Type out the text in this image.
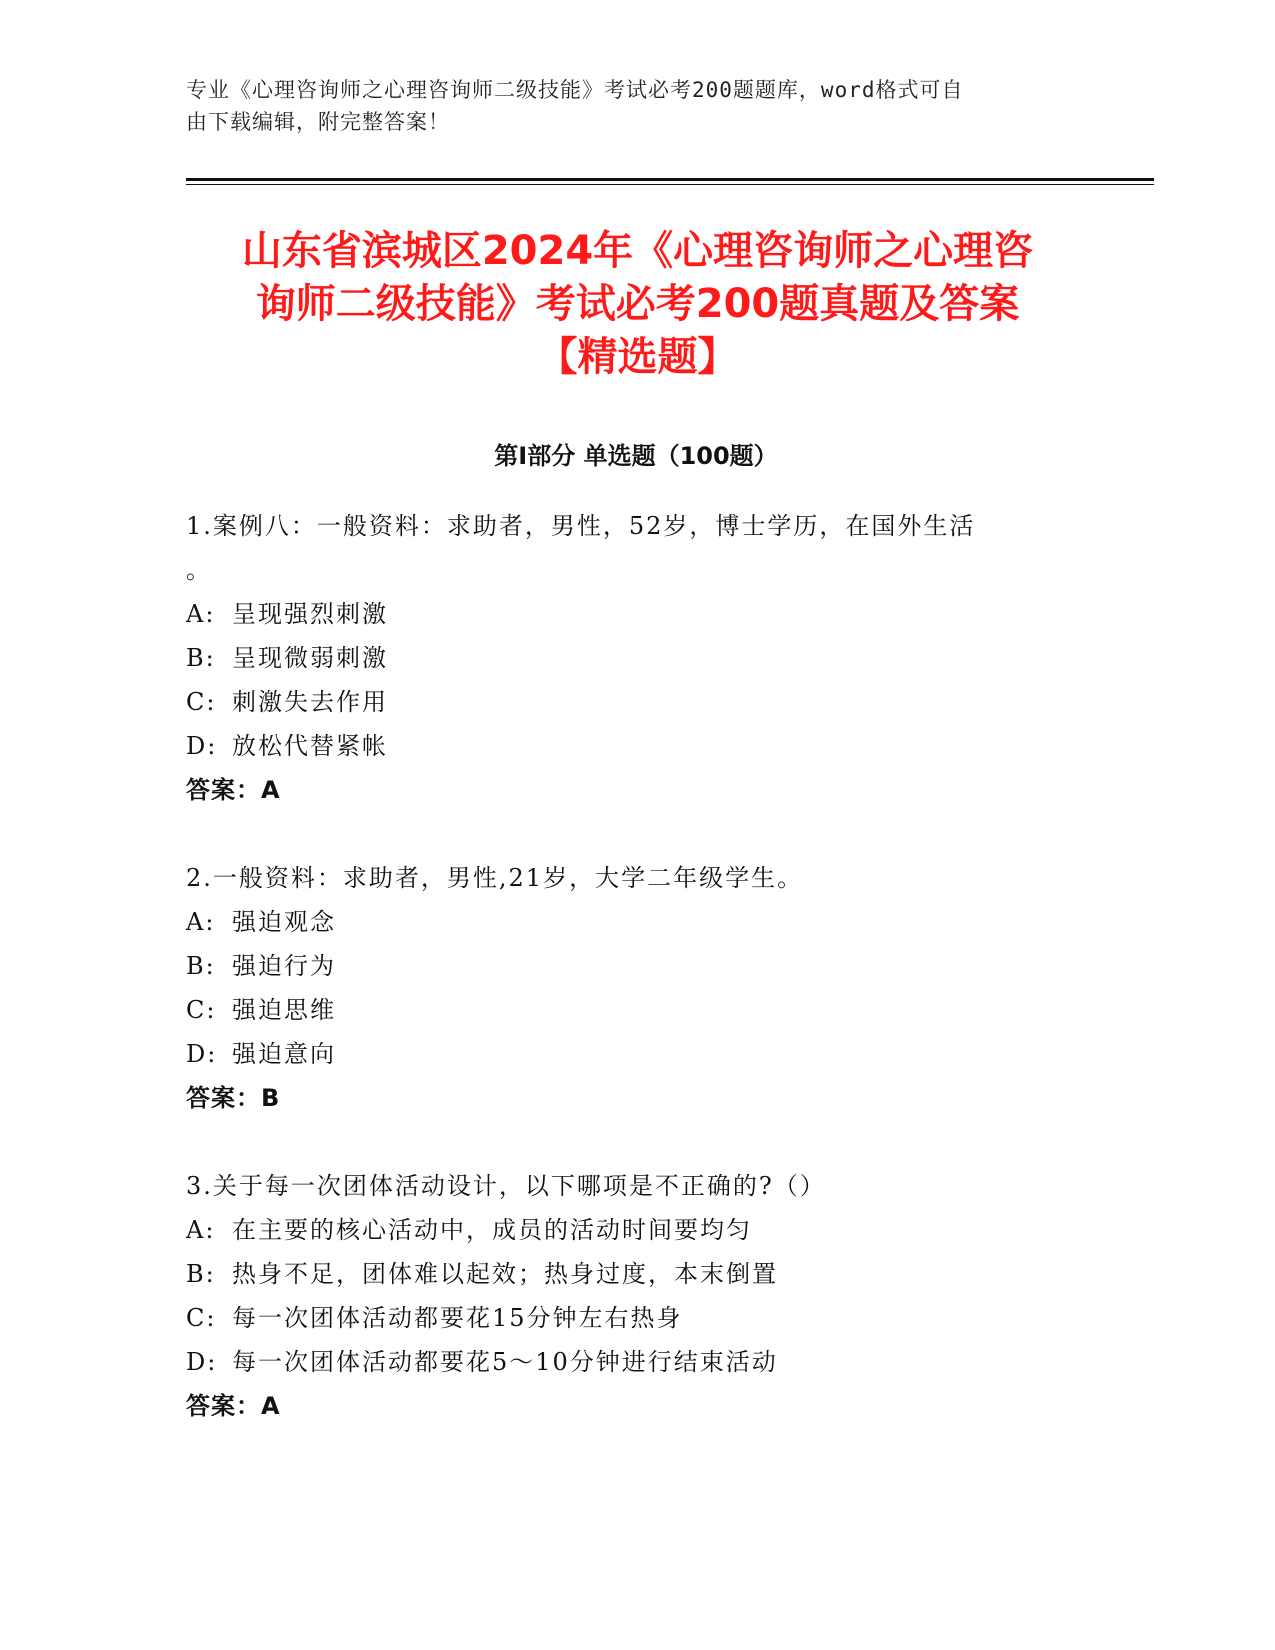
专业《心理咨询师之心理咨询师二级技能》考试必考200题题库，word格式可自
由下载编辑，附完整答案！
山东省滨城区2024年《心理咨询师之心理咨
询师二级技能》考试必考200题真题及答案
【精选题】
第Ⅰ部分 单选题（100题）
1.案例八：一般资料：求助者，男性，52岁，博士学历，在国外生活
。
A: 呈现强烈刺激
B: 呈现微弱刺激
C: 刺激失去作用
D: 放松代替紧帐
答案：A
2.一般资料：求助者，男性,21岁，大学二年级学生。
A: 强迫观念
B: 强迫行为
C: 强迫思维
D: 强迫意向
答案：B
3.关于每一次团体活动设计，以下哪项是不正确的?（）
A: 在主要的核心活动中，成员的活动时间要均匀
B: 热身不足，团体难以起效；热身过度，本末倒置
C: 每一次团体活动都要花15分钟左右热身
D: 每一次团体活动都要花5～10分钟进行结束活动
答案：A
